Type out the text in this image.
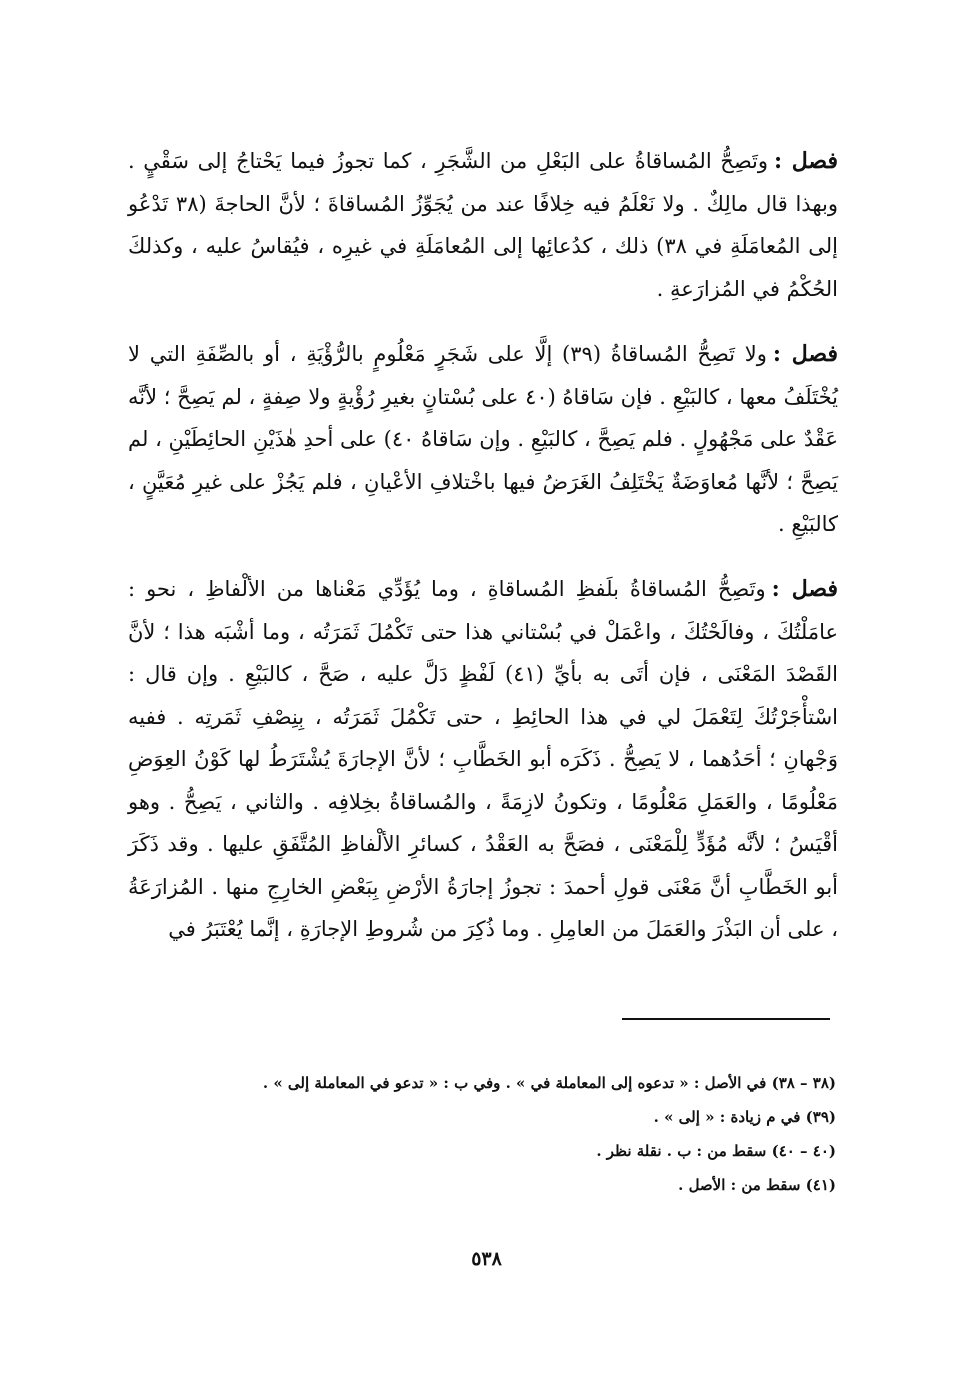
فصل :وتَصِحُّ المُساقاةُ على البَعْلِ من الشَّجَرِ ، كما تجوزُ فيما يَحْتاجُ إلى سَقْيٍ . وبهذا قال مالِكٌ . ولا نَعْلَمُ فيه خِلافًا عند من يُجَوِّزُ المُساقاةَ ؛ لأنَّ الحاجةَ (٣٨ تَدْعُو إلى المُعامَلَةِ في ٣٨) ذلك ، كدُعائِها إلى المُعامَلَةِ في غيرِه ، فيُقاسُ عليه ، وكذلكَ الحُكْمُ في المُزارَعةِ .

فصل :ولا تَصِحُّ المُساقاةُ (٣٩) إلَّا على شَجَرٍ مَعْلُومٍ بالرُّؤْيَةِ ، أو بالصِّفَةِ التي لا يُخْتَلَفُ معها ، كالبَيْعِ . فإن سَاقاهُ (٤٠ على بُسْتانٍ بغيرِ رُؤْيةٍ ولا صِفةٍ ، لم يَصِحَّ ؛ لأنَّه عَقْدٌ على مَجْهُولٍ . فلم يَصِحَّ ، كالبَيْعِ . وإن سَاقاهُ ٤٠) على أحدِ هٰذَيْنِ الحائِطَيْنِ ، لم يَصِحَّ ؛ لأنَّها مُعاوَضَةٌ يَخْتَلِفُ الغَرَضُ فيها باخْتلافِ الأعْيانِ ، فلم يَجُزْ على غيرِ مُعَيَّنٍ ، كالبَيْعِ .

فصل :وتَصِحُّ المُساقاةُ بلَفظِ المُساقاةِ ، وما يُؤَدِّي مَعْناها من الألْفاظِ ، نحو : عامَلْتُكَ ، وفالَحْتُكَ ، واعْمَلْ في بُسْتاني هذا حتى تَكْمُلَ ثَمَرَتُه ، وما أشْبَه هذا ؛ لأنَّ القَصْدَ المَعْنَى ، فإن أتَى به بأيِّ (٤١) لَفْظٍ دَلَّ عليه ، صَحَّ ، كالبَيْعِ . وإن قال : اسْتأْجَرْتُكَ لِتَعْمَلَ لي في هذا الحائِطِ ، حتى تَكْمُلَ ثَمَرَتُه ، بِنِصْفِ ثَمَرتِه . ففيه وَجْهانِ ؛ أحَدُهما ، لا يَصِحُّ . ذَكَرَه أبو الخَطَّابِ ؛ لأنَّ الإجارَةَ يُشْتَرَطُ لها كَوْنُ العِوَضِ مَعْلُومًا ، والعَمَلِ مَعْلُومًا ، وتكونُ لازِمَةً ، والمُساقاةُ بخِلافِه . والثاني ، يَصِحُّ . وهو أقْيَسُ ؛ لأنَّه مُؤَدٍّ لِلْمَعْنَى ، فصَحَّ به العَقْدُ ، كسائرِ الألْفاظِ المُتَّفَقِ عليها . وقد ذَكَرَ أبو الخَطَّابِ أنَّ مَعْنَى قولِ أحمدَ : تجوزُ إجارَةُ الأرْضِ بِبَعْضِ الخارِجِ منها . المُزارَعَةُ ، على أن البَذْرَ والعَمَلَ من العامِلِ . وما ذُكِرَ من شُروطِ الإجارَةِ ، إنَّما يُعْتَبَرُ في

(٣٨ – ٣٨) في الأصل : « تدعوه إلى المعاملة في » . وفي ب : « تدعو في المعاملة إلى » .

(٣٩) في م زيادة : « إلى » .

(٤٠ – ٤٠) سقط من : ب . نقلة نظر .

(٤١) سقط من : الأصل .

٥٣٨
